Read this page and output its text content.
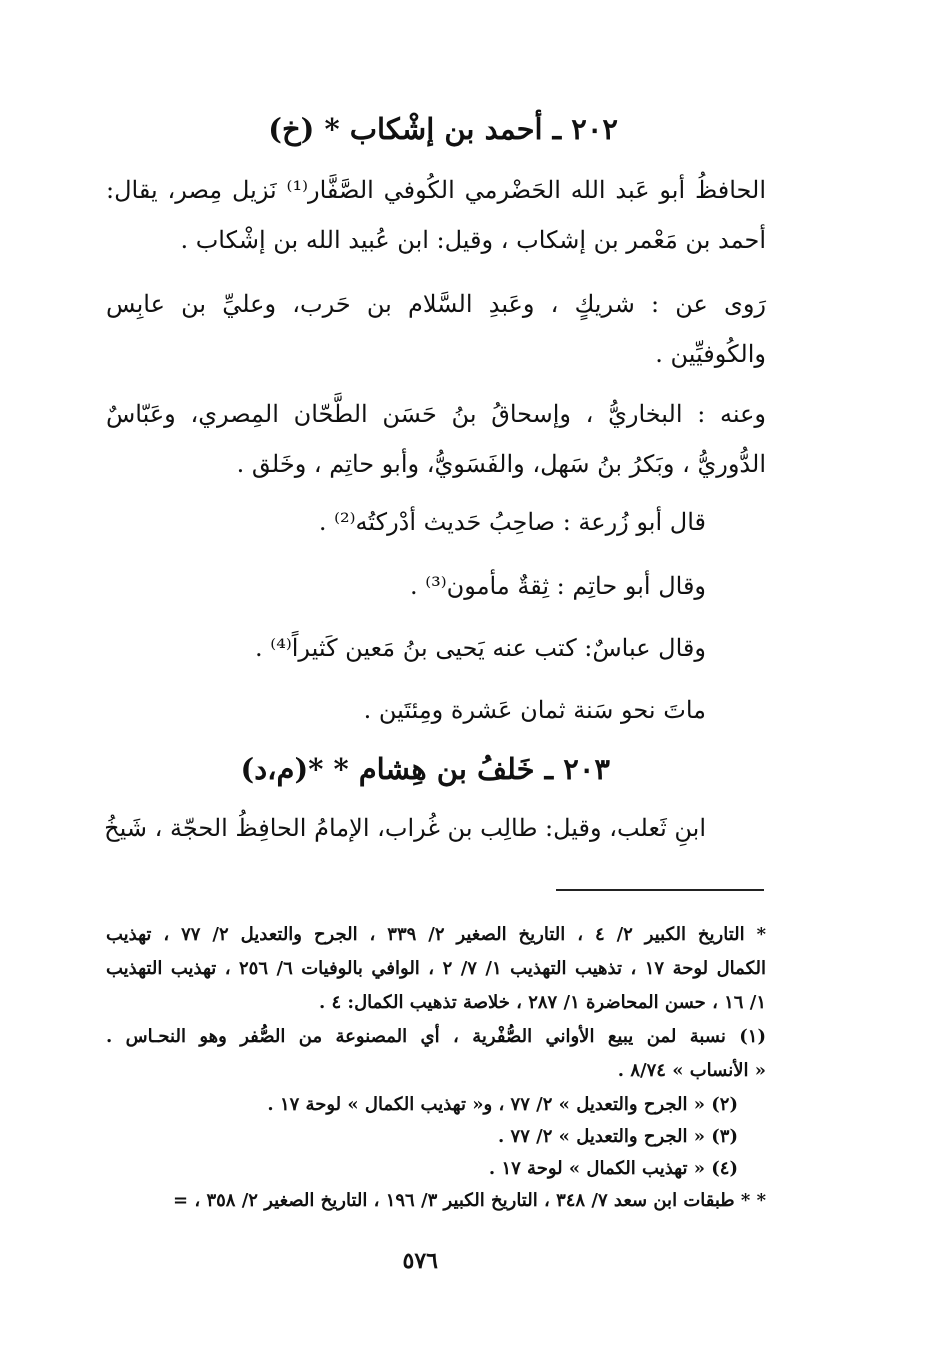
٢٠٢ ـ أحمد بن إشْكاب * (خ)
الحافظُ أبو عَبد الله الحَضْرمي الكُوفي الصَّفَّار⁽¹⁾ نَزيل مِصر، يقال:
أحمد بن مَعْمر بن إشكاب ، وقيل: ابن عُبيد الله بن إشْكاب .
رَوى عن : شريكٍ ، وعَبدِ السَّلام بن حَرب، وعليِّ بن عابِس
والكُوفيِّين .
وعنه : البخاريُّ ، وإسحاقُ بنُ حَسَن الطَّحّان المِصري، وعَبّاسٌ
الدُّوريُّ ، وبَكرُ بنُ سَهل، والفَسَويُّ، وأبو حاتِم ، وخَلق .
قال أبو زُرعة : صاحِبُ حَديث أدْركتُه⁽²⁾ .
وقال أبو حاتِم : ثِقةٌ مأمون⁽³⁾ .
وقال عباسٌ: كتب عنه يَحيى بنُ مَعين كَثيراً⁽⁴⁾ .
ماتَ نحو سَنة ثمان عَشرة ومِئتَين .
٢٠٣ ـ خَلفُ بن هِشام * *(م،د)
ابنِ ثَعلب، وقيل: طالِب بن غُراب، الإمامُ الحافِظُ الحجّة ، شَيخُ
* التاريخ الكبير ٢/ ٤ ، التاريخ الصغير ٢/ ٣٣٩ ، الجرح والتعديل ٢/ ٧٧ ، تهذيب
الكمال لوحة ١٧ ، تذهيب التهذيب ١/ ٧/ ٢ ، الوافي بالوفيات ٦/ ٢٥٦ ، تهذيب التهذيب
١/ ١٦ ، حسن المحاضرة ١/ ٢٨٧ ، خلاصة تذهيب الكمال: ٤ .
(١) نسبة لمن يبيع الأواني الصُّفْرية ، أي المصنوعة من الصُّفر وهو النحـاس .
« الأنساب » ٨/٧٤ .
(٢) « الجرح والتعديل » ٢/ ٧٧ ، و« تهذيب الكمال » لوحة ١٧ .
(٣) « الجرح والتعديل » ٢/ ٧٧ .
(٤) « تهذيب الكمال » لوحة ١٧ .
* * طبقات ابن سعد ٧/ ٣٤٨ ، التاريخ الكبير ٣/ ١٩٦ ، التاريخ الصغير ٢/ ٣٥٨ ، =
٥٧٦
